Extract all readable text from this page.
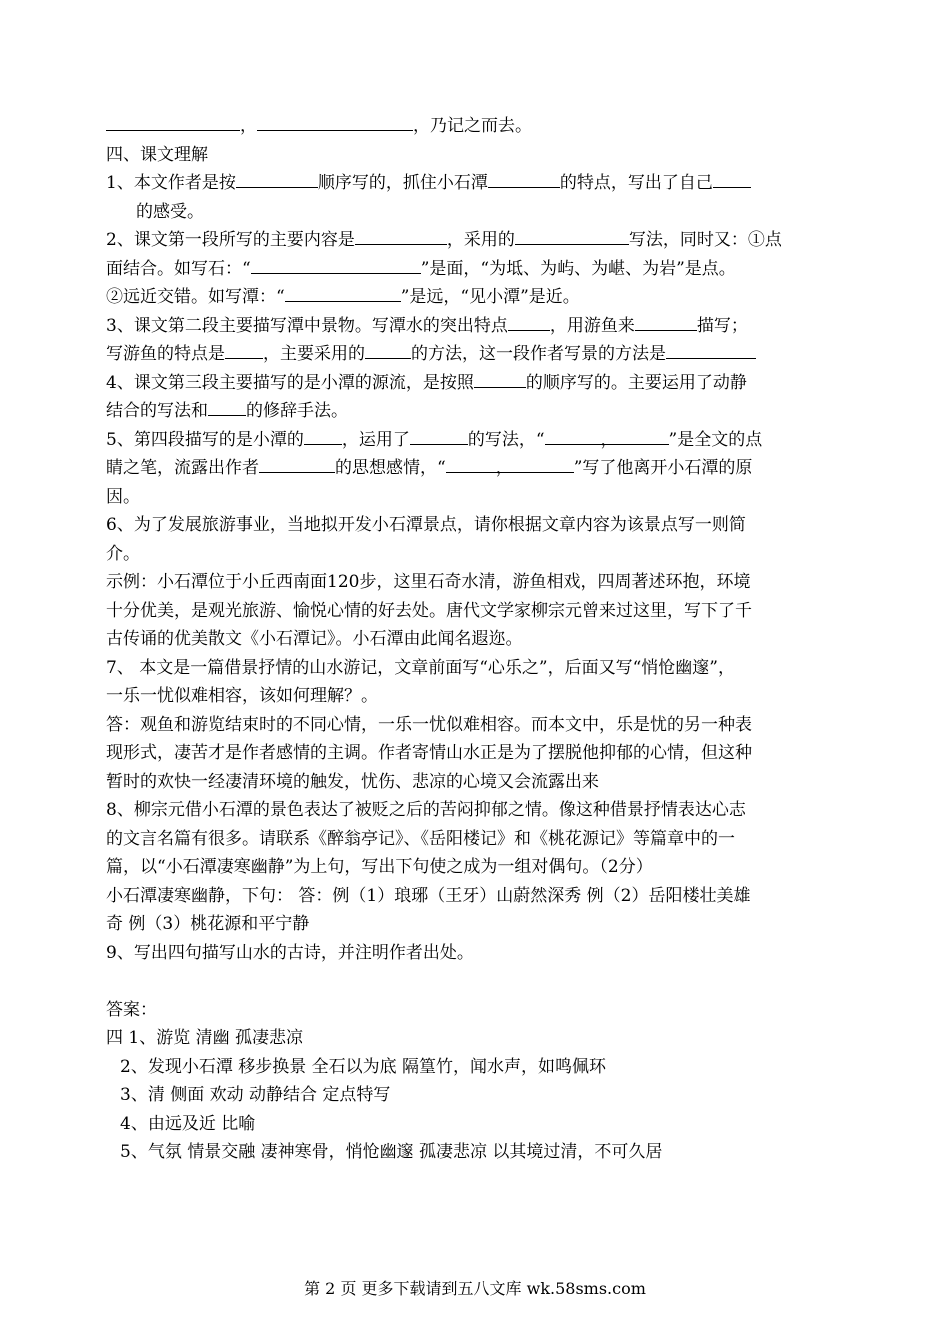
，	，乃记之而去。
四、课文理解
1、本文作者是按	顺序写的，抓住小石潭	的特点，写出了自己
的感受。
2、课文第一段所写的主要内容是	，采用的	写法，同时又：①点
面结合。如写石：“	”是面，“为坻、为屿、为嵁、为岩”是点。
②远近交错。如写潭：“	”是远，“见小潭”是近。
3、课文第二段主要描写潭中景物。写潭水的突出特点 ，用游鱼来	描写；
写游鱼的特点是 ，主要采用的	的方法，这一段作者写景的方法是
4、课文第三段主要描写的是小潭的源流，是按照	的顺序写的。主要运用了动静
结合的写法和 的修辞手法。
5、第四段描写的是小潭的 ，运用了	的写法，“	，	”是全文的点
睛之笔，流露出作者	的思想感情，“	，	”写了他离开小石潭的原
因。
6、为了发展旅游事业，当地拟开发小石潭景点，请你根据文章内容为该景点写一则简
介。
示例：小石潭位于小丘西南面120步，这里石奇水清，游鱼相戏，四周著述环抱，环境
十分优美，是观光旅游、愉悦心情的好去处。唐代文学家柳宗元曾来过这里，写下了千
古传诵的优美散文《小石潭记》。小石潭由此闻名遐迩。
7、 本文是一篇借景抒情的山水游记，文章前面写“心乐之”，后面又写“悄怆幽邃”，
一乐一忧似难相容，该如何理解？。
答：观鱼和游览结束时的不同心情，一乐一忧似难相容。而本文中，乐是忧的另一种表
现形式，凄苦才是作者感情的主调。作者寄情山水正是为了摆脱他抑郁的心情，但这种
暂时的欢快一经凄清环境的触发，忧伤、悲凉的心境又会流露出来
8、柳宗元借小石潭的景色表达了被贬之后的苦闷抑郁之情。像这种借景抒情表达心志
的文言名篇有很多。请联系《醉翁亭记》、《岳阳楼记》和《桃花源记》等篇章中的一
篇，以“小石潭凄寒幽静”为上句，写出下句使之成为一组对偶句。（2分）
小石潭凄寒幽静，下句： 答：例（1）琅琊（王牙）山蔚然深秀 例（2）岳阳楼壮美雄
奇 例（3）桃花源和平宁静
9、写出四句描写山水的古诗，并注明作者出处。
答案：
四 1、游览 清幽 孤凄悲凉
2、发现小石潭 移步换景 全石以为底 隔篁竹，闻水声，如鸣佩环
3、清 侧面 欢动 动静结合 定点特写
4、由远及近 比喻
5、气氛 情景交融 凄神寒骨，悄怆幽邃 孤凄悲凉 以其境过清，不可久居
第 2 页 更多下载请到五八文库 wk.58sms.com
